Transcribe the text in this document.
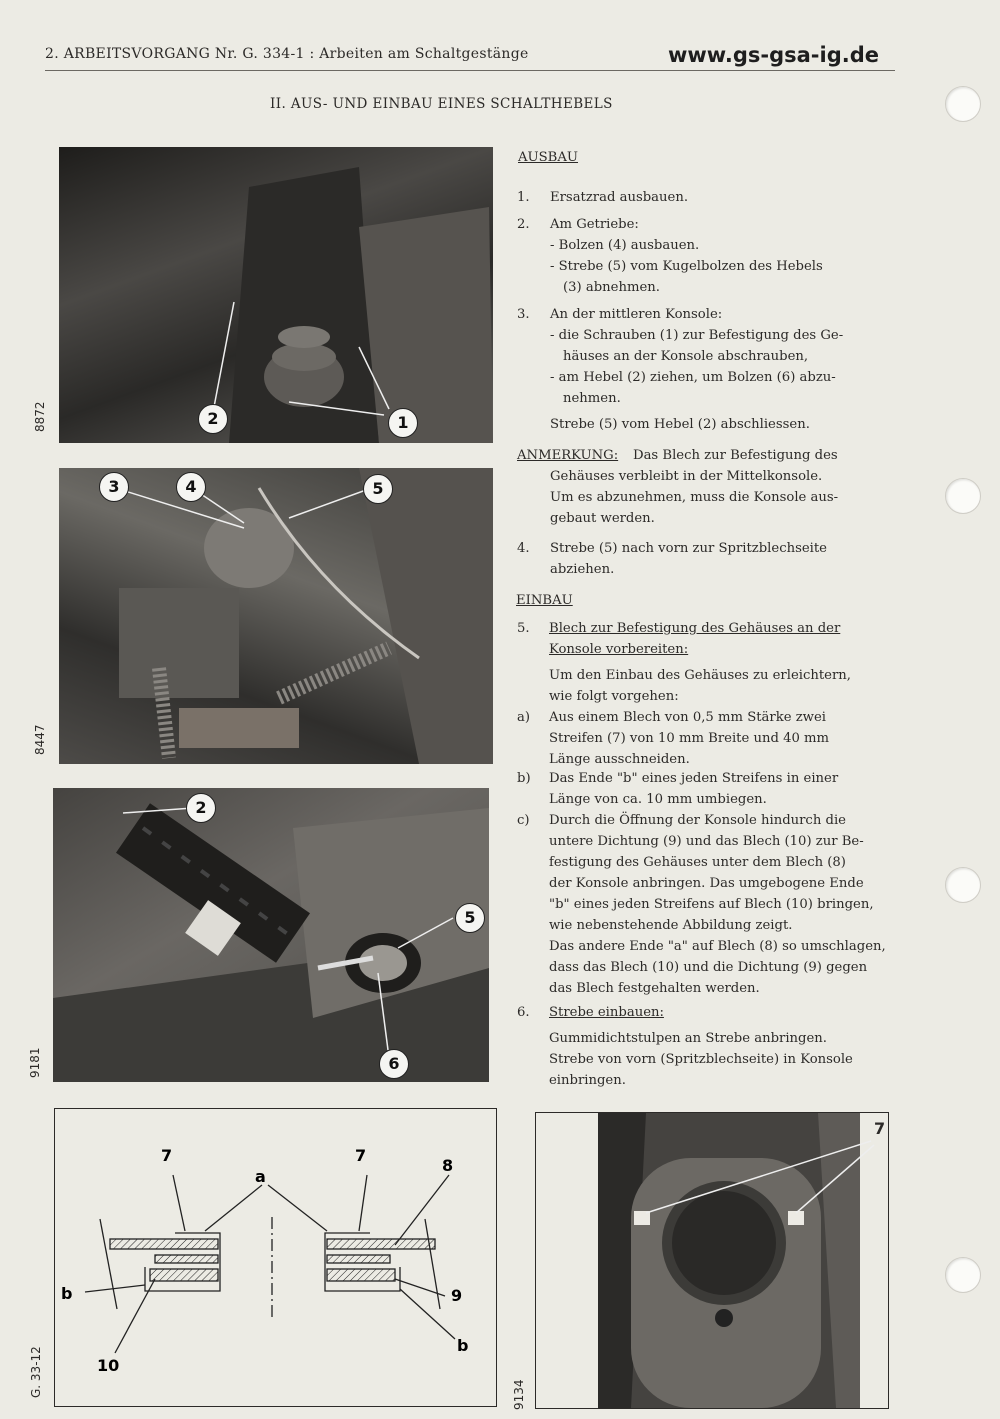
2. ARBEITSVORGANG Nr. G. 334-1 : Arbeiten am Schaltgestänge	www.gs-gsa-ig.de
II. AUS- UND EINBAU EINES SCHALTHEBELS
2	1
8872
3	4	5
8447
2
5
6
9181
7	7
a
8
b	9
b
10
G. 33-12
7
9134
AUSBAU
1. Ersatzrad ausbauen.
2. Am Getriebe:
- Bolzen (4) ausbauen.
- Strebe (5) vom Kugelbolzen des Hebels
(3) abnehmen.
3. An der mittleren Konsole:
- die Schrauben (1) zur Befestigung des Ge-
häuses an der Konsole abschrauben,
- am Hebel (2) ziehen, um Bolzen (6) abzu-
nehmen.
Strebe (5) vom Hebel (2) abschliessen.
ANMERKUNG: Das Blech zur Befestigung des
Gehäuses verbleibt in der Mittelkonsole.
Um es abzunehmen, muss die Konsole aus-
gebaut werden.
4. Strebe (5) nach vorn zur Spritzblechseite
abziehen.
EINBAU
5. Blech zur Befestigung des Gehäuses an der
Konsole vorbereiten:
Um den Einbau des Gehäuses zu erleichtern,
wie folgt vorgehen:
a) Aus einem Blech von 0,5 mm Stärke zwei
Streifen (7) von 10 mm Breite und 40 mm
Länge ausschneiden.
b) Das Ende "b" eines jeden Streifens in einer
Länge von ca. 10 mm umbiegen.
c) Durch die Öffnung der Konsole hindurch die
untere Dichtung (9) und das Blech (10) zur Be-
festigung des Gehäuses unter dem Blech (8)
der Konsole anbringen. Das umgebogene Ende
"b" eines jeden Streifens auf Blech (10) bringen,
wie nebenstehende Abbildung zeigt.
Das andere Ende "a" auf Blech (8) so umschlagen,
dass das Blech (10) und die Dichtung (9) gegen
das Blech festgehalten werden.
6. Strebe einbauen:
Gummidichtstulpen an Strebe anbringen.
Strebe von vorn (Spritzblechseite) in Konsole
einbringen.
